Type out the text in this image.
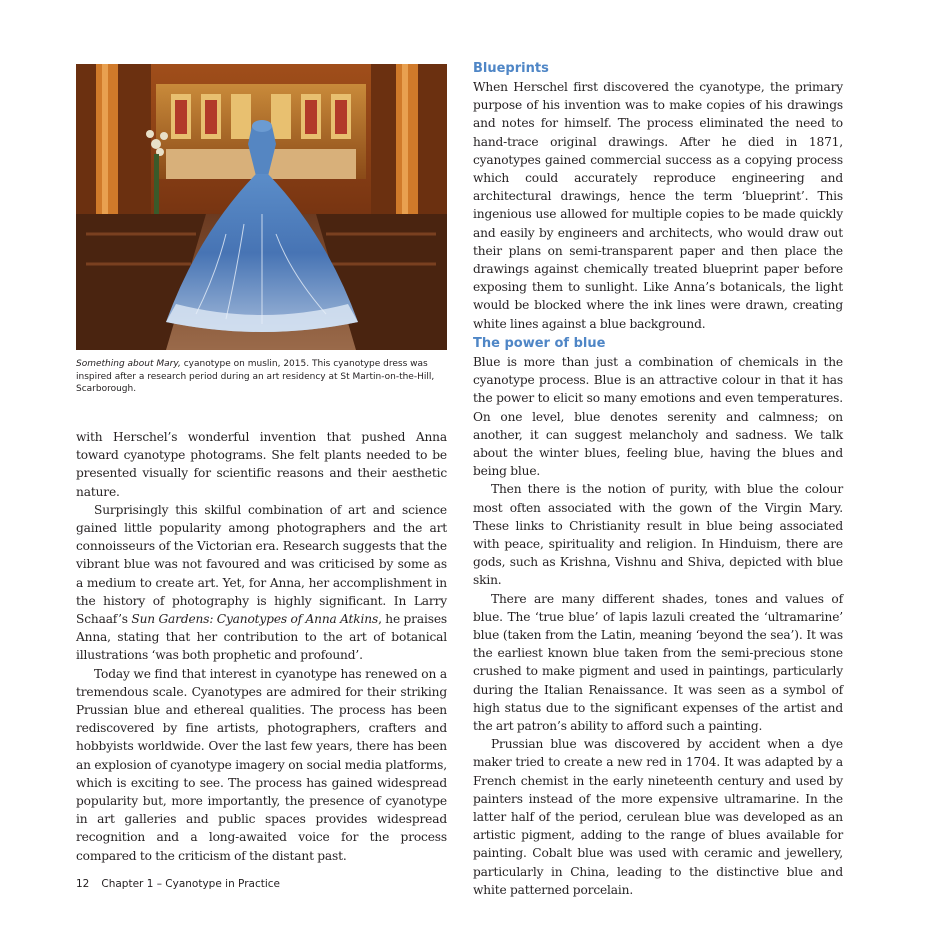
Something about Mary, cyanotype on muslin, 2015. This cyanotype dress was inspired after a research period during an art residency at St Martin-on-the-Hill, Scarborough.

with Herschel’s wonderful invention that pushed Anna toward cyanotype photograms. She felt plants needed to be presented visually for scientific reasons and their aesthetic nature.

Surprisingly this skilful combination of art and science gained little popularity among photographers and the art connoisseurs of the Victorian era. Research suggests that the vibrant blue was not favoured and was criticised by some as a medium to create art. Yet, for Anna, her accomplishment in the history of photography is highly significant. In Larry Schaaf’s Sun Gardens: Cyanotypes of Anna Atkins, he praises Anna, stating that her contribution to the art of botanical illustrations ‘was both prophetic and profound’.

Today we find that interest in cyanotype has renewed on a tremendous scale. Cyanotypes are admired for their striking Prussian blue and ethereal qualities. The process has been rediscovered by fine artists, photographers, crafters and hobbyists worldwide. Over the last few years, there has been an explosion of cyanotype imagery on social media platforms, which is exciting to see. The process has gained widespread popularity but, more importantly, the presence of cyanotype in art galleries and public spaces provides widespread recognition and a long-awaited voice for the process compared to the criticism of the distant past.

Blueprints

When Herschel first discovered the cyanotype, the primary purpose of his invention was to make copies of his drawings and notes for himself. The process eliminated the need to hand-trace original drawings. After he died in 1871, cyanotypes gained commercial success as a copying process which could accurately reproduce engineering and architectural drawings, hence the term ‘blueprint’. This ingenious use allowed for multiple copies to be made quickly and easily by engineers and architects, who would draw out their plans on semi-transparent paper and then place the drawings against chemically treated blueprint paper before exposing them to sunlight. Like Anna’s botanicals, the light would be blocked where the ink lines were drawn, creating white lines against a blue background.

The power of blue

Blue is more than just a combination of chemicals in the cyanotype process. Blue is an attractive colour in that it has the power to elicit so many emotions and even temperatures. On one level, blue denotes serenity and calmness; on another, it can suggest melancholy and sadness. We talk about the winter blues, feeling blue, having the blues and being blue.

Then there is the notion of purity, with blue the colour most often associated with the gown of the Virgin Mary. These links to Christianity result in blue being associated with peace, spirituality and religion. In Hinduism, there are gods, such as Krishna, Vishnu and Shiva, depicted with blue skin.

There are many different shades, tones and values of blue. The ‘true blue’ of lapis lazuli created the ‘ultramarine’ blue (taken from the Latin, meaning ‘beyond the sea’). It was the earliest known blue taken from the semi-precious stone crushed to make pigment and used in paintings, particularly during the Italian Renaissance. It was seen as a symbol of high status due to the significant expenses of the artist and the art patron’s ability to afford such a painting.

Prussian blue was discovered by accident when a dye maker tried to create a new red in 1704. It was adapted by a French chemist in the early nineteenth century and used by painters instead of the more expensive ultramarine. In the latter half of the period, cerulean blue was developed as an artistic pigment, adding to the range of blues available for painting. Cobalt blue was used with ceramic and jewellery, particularly in China, leading to the distinctive blue and white patterned porcelain.

12 Chapter 1 – Cyanotype in Practice
